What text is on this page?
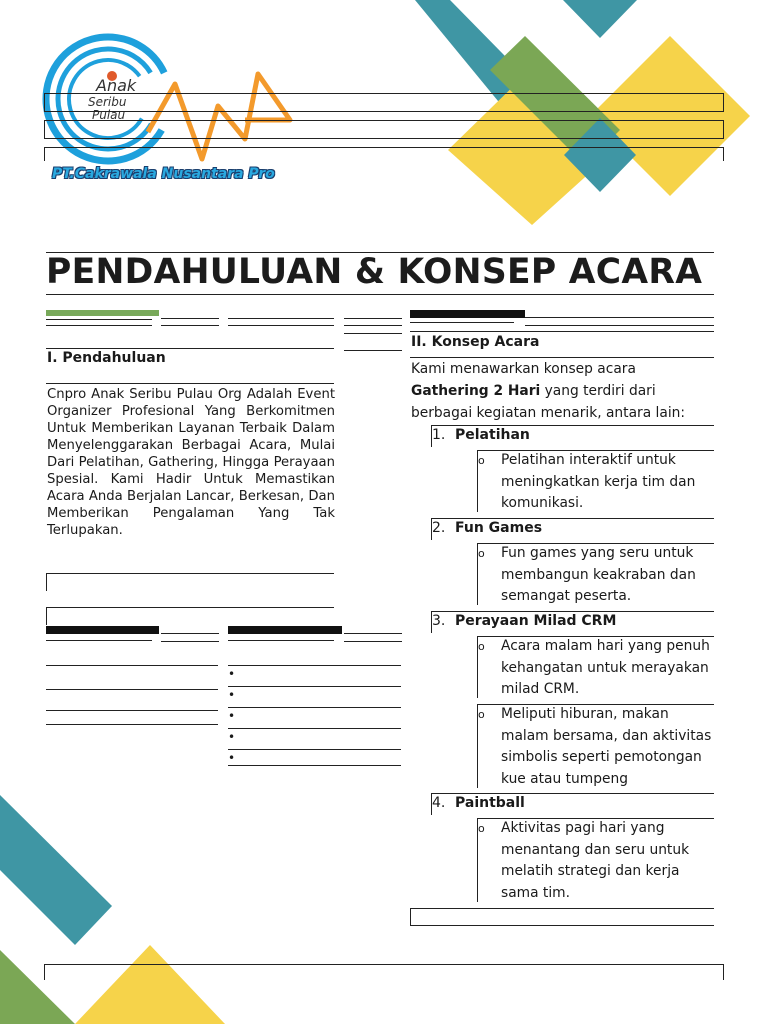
Anak
Seribu
Pulau
PT.Cakrawala Nusantara Pro
PENDAHULUAN & KONSEP ACARA
I. Pendahuluan
Cnpro Anak Seribu Pulau Org Adalah Event Organizer Profesional Yang Berkomitmen Untuk Memberikan Layanan Terbaik Dalam Menyelenggarakan Berbagai Acara, Mulai Dari Pelatihan, Gathering, Hingga Perayaan Spesial. Kami Hadir Untuk Memastikan Acara Anda Berjalan Lancar, Berkesan, Dan Memberikan Pengalaman Yang Tak Terlupakan.
•
•
•
•
•
II. Konsep Acara
Kami menawarkan konsep acara
Gathering 2 Hari yang terdiri dari
berbagai kegiatan menarik, antara lain:
1. Pelatihan
o Pelatihan interaktif untuk meningkatkan kerja tim dan komunikasi.
2. Fun Games
o Fun games yang seru untuk membangun keakraban dan semangat peserta.
3. Perayaan Milad CRM
o Acara malam hari yang penuh kehangatan untuk merayakan milad CRM.
o Meliputi hiburan, makan malam bersama, dan aktivitas simbolis seperti pemotongan kue atau tumpeng
4. Paintball
o Aktivitas pagi hari yang menantang dan seru untuk melatih strategi dan kerja sama tim.
